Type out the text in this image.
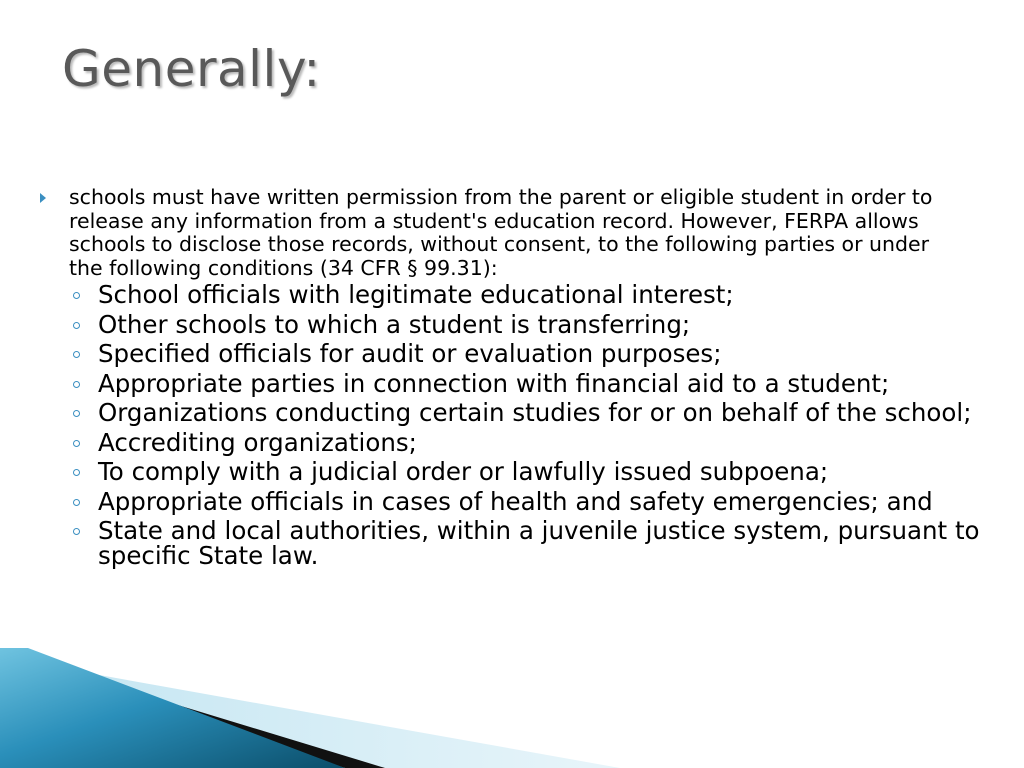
Generally:
schools must have written permission from the parent or eligible student in order to release any information from a student's education record. However, FERPA allows schools to disclose those records, without consent, to the following parties or under the following conditions (34 CFR § 99.31):
School officials with legitimate educational interest;
Other schools to which a student is transferring;
Specified officials for audit or evaluation purposes;
Appropriate parties in connection with financial aid to a student;
Organizations conducting certain studies for or on behalf of the school;
Accrediting organizations;
To comply with a judicial order or lawfully issued subpoena;
Appropriate officials in cases of health and safety emergencies; and
State and local authorities, within a juvenile justice system, pursuant to specific State law.
